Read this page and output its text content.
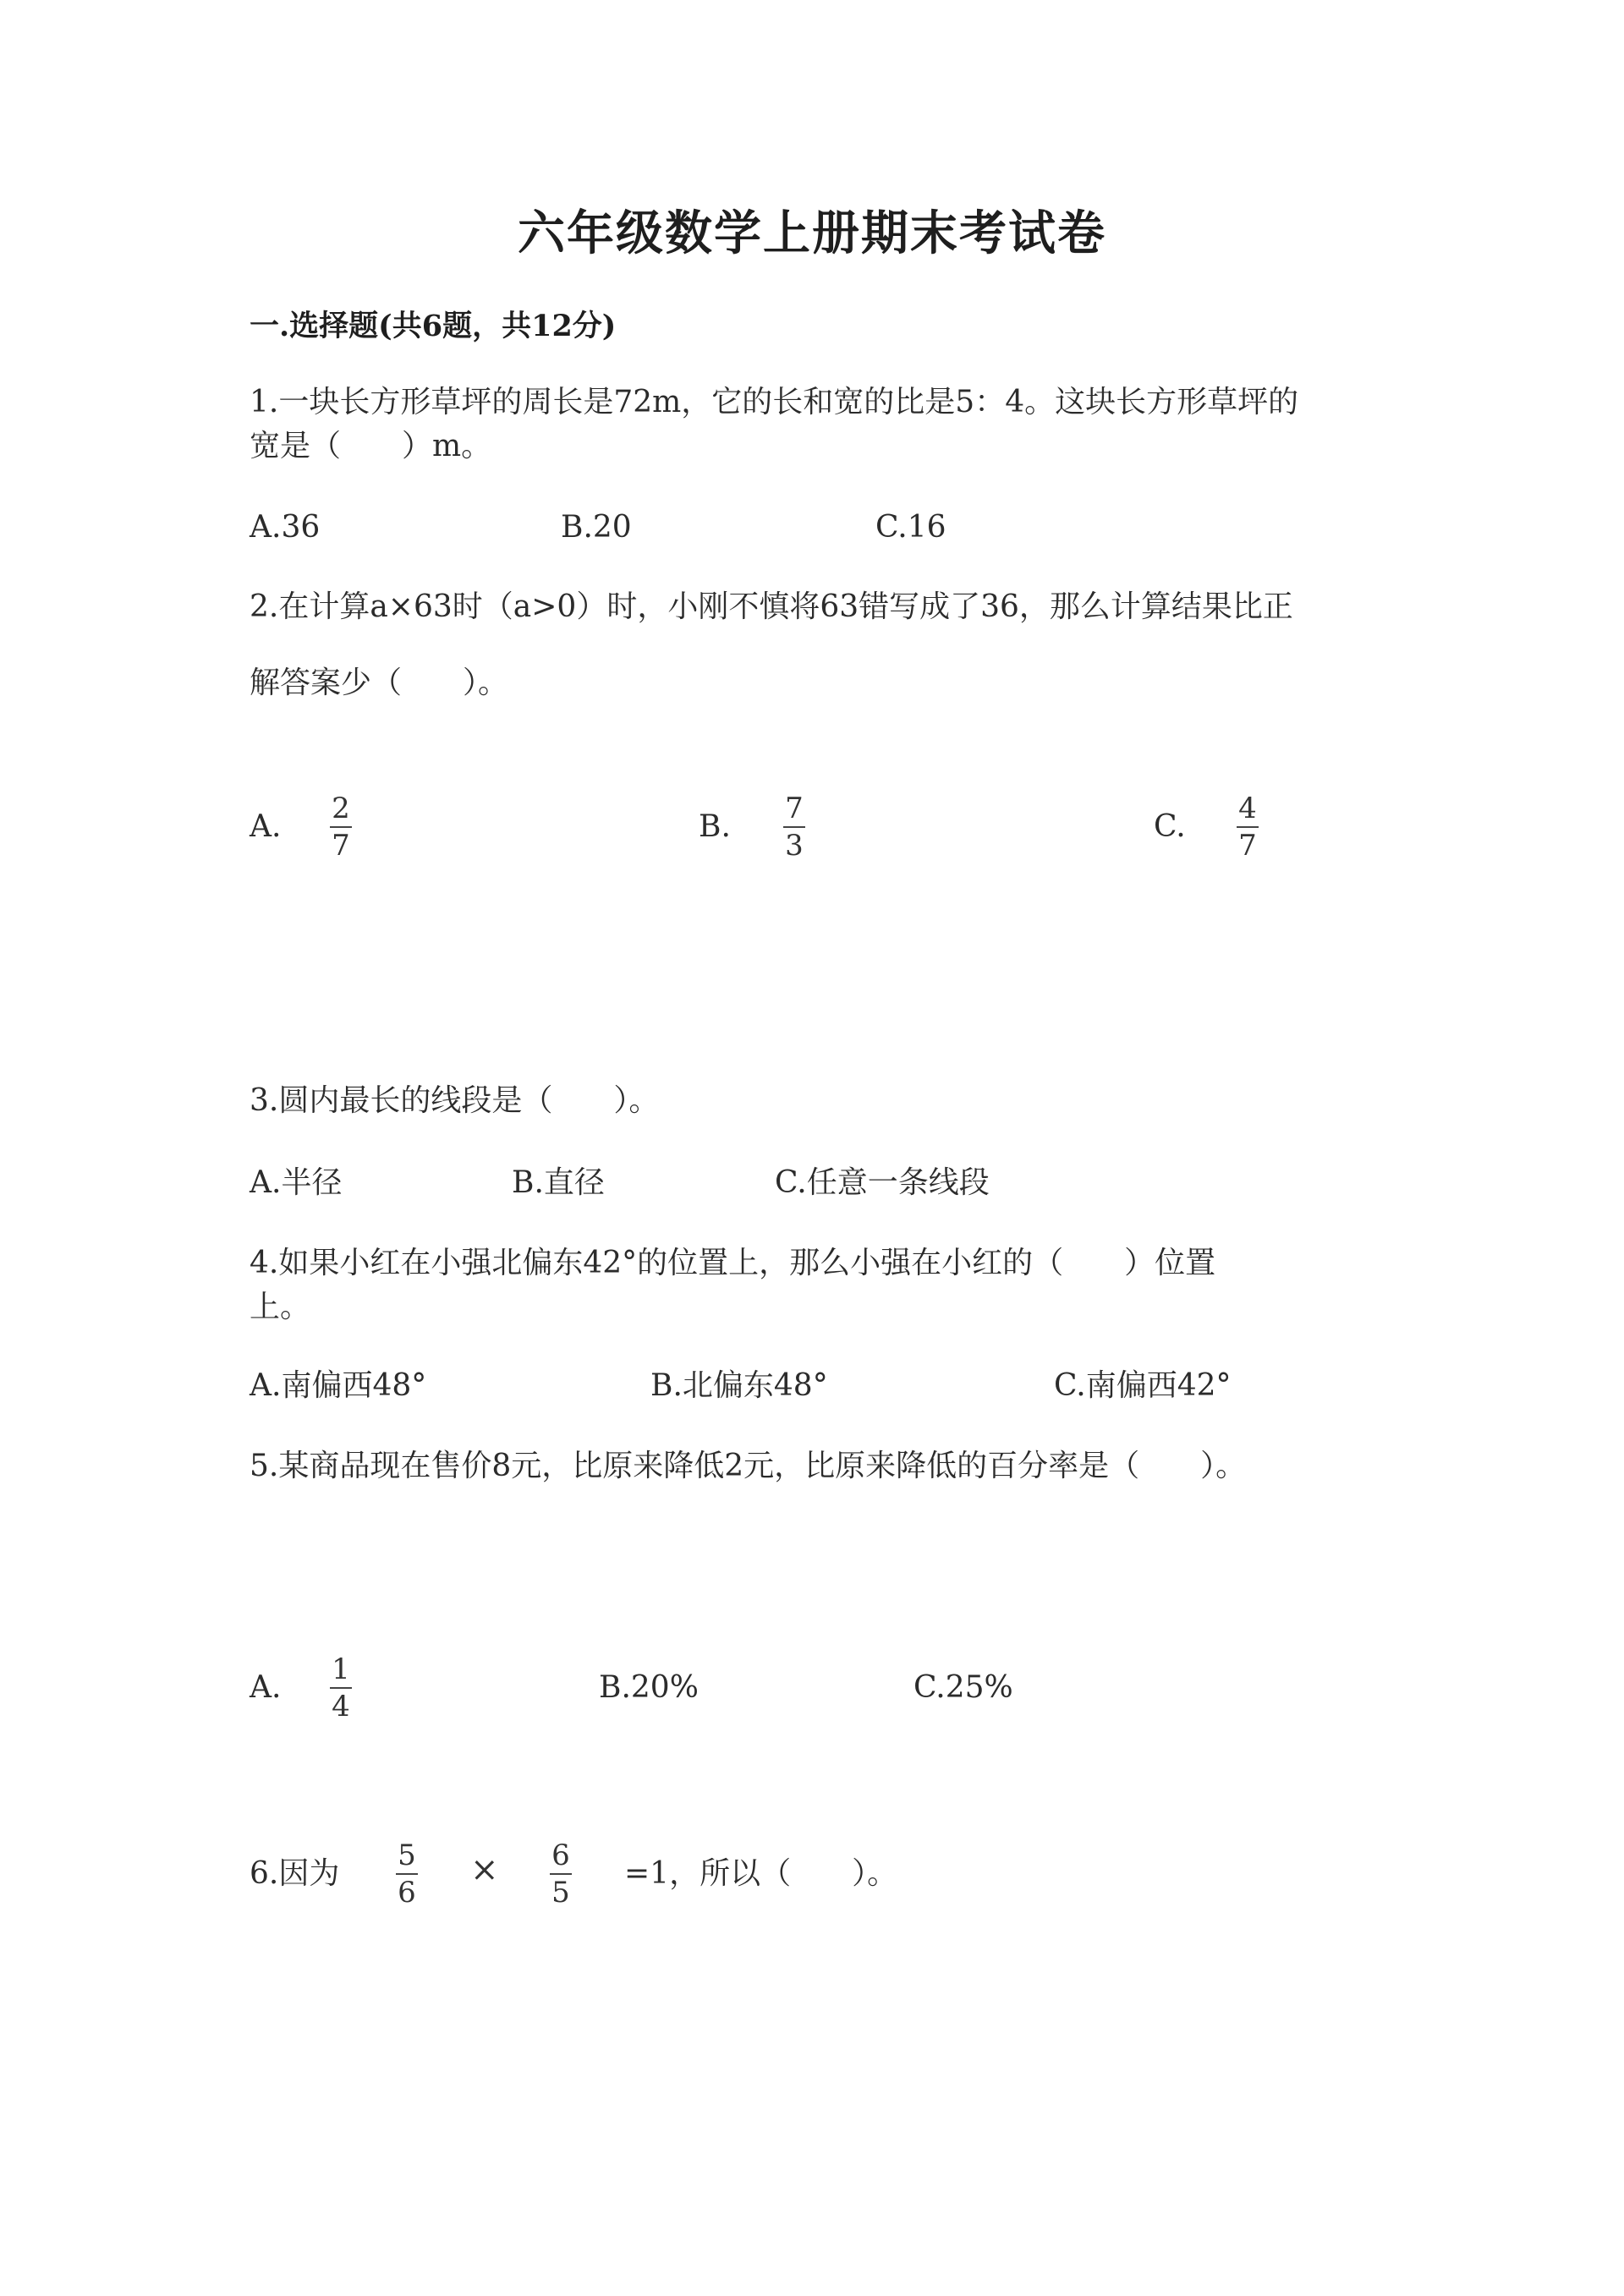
六年级数学上册期末考试卷
一.选择题(共6题，共12分)
1.一块长方形草坪的周长是72m，它的长和宽的比是5：4。这块长方形草坪的
宽是（　　）m。
A.36	B.20	C.16
2.在计算a×63时（a>0）时，小刚不慎将63错写成了36，那么计算结果比正
解答案少（　　）。
A.
2
7
B.
7
3
C.
4
7
3.圆内最长的线段是（　　）。
A.半径	B.直径	C.任意一条线段
4.如果小红在小强北偏东42°的位置上，那么小强在小红的（　　）位置
上。
A.南偏西48°	B.北偏东48°	C.南偏西42°
5.某商品现在售价8元，比原来降低2元，比原来降低的百分率是（　　）。
A.
1
4
B.20%	C.25%
6.因为
5
6
× 6
5
=1，所以（　　）。
